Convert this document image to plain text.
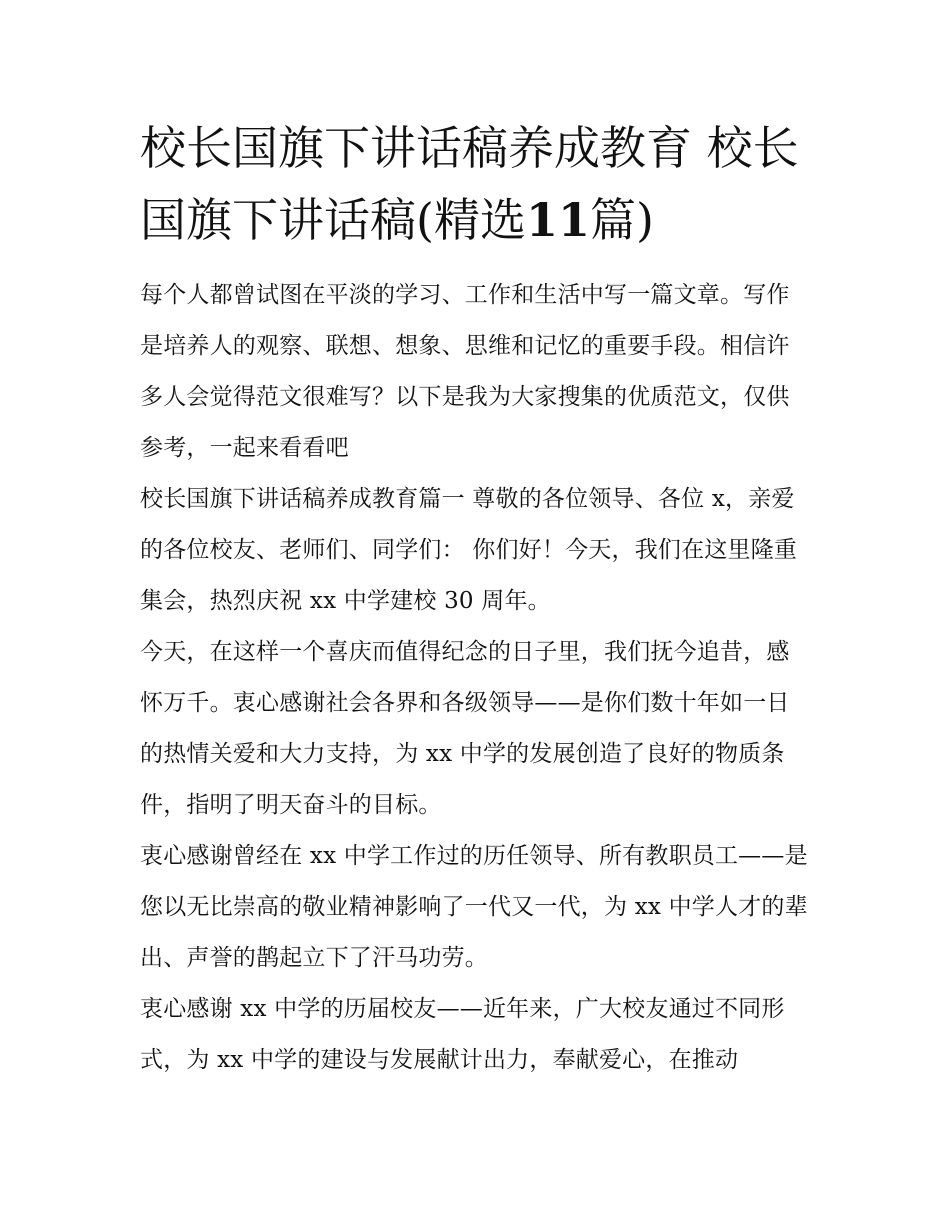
校长国旗下讲话稿养成教育 校长国旗下讲话稿(精选11篇)

每个人都曾试图在平淡的学习、工作和生活中写一篇文章。写作是培养人的观察、联想、想象、思维和记忆的重要手段。相信许多人会觉得范文很难写？以下是我为大家搜集的优质范文，仅供参考，一起来看看吧

校长国旗下讲话稿养成教育篇一 尊敬的各位领导、各位 x，亲爱的各位校友、老师们、同学们： 你们好！今天，我们在这里隆重集会，热烈庆祝 xx 中学建校 30 周年。

今天，在这样一个喜庆而值得纪念的日子里，我们抚今追昔，感怀万千。衷心感谢社会各界和各级领导——是你们数十年如一日的热情关爱和大力支持，为 xx 中学的发展创造了良好的物质条件，指明了明天奋斗的目标。

衷心感谢曾经在 xx 中学工作过的历任领导、所有教职员工——是您以无比崇高的敬业精神影响了一代又一代，为 xx 中学人才的辈出、声誉的鹊起立下了汗马功劳。

衷心感谢 xx 中学的历届校友——近年来，广大校友通过不同形式，为 xx 中学的建设与发展献计出力，奉献爱心，在推动
